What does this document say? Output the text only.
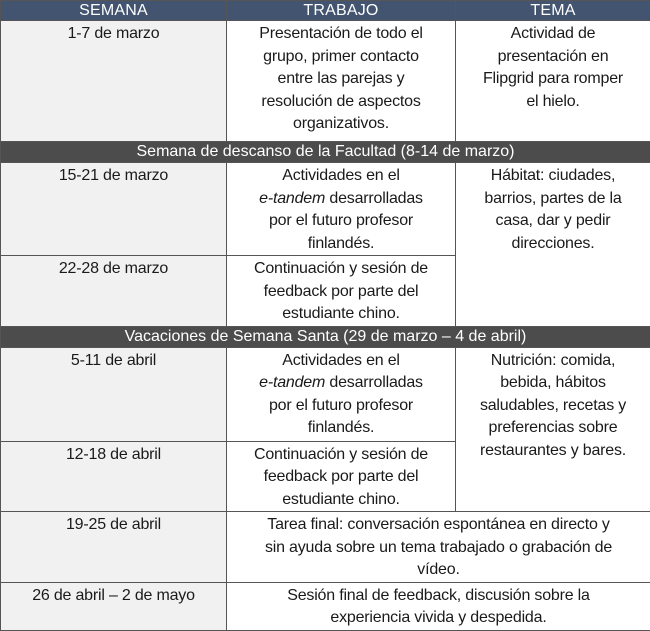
SEMANA	TRABAJO	TEMA

1-7 de marzo	Presentación de todo el
grupo, primer contacto
entre las parejas y
resolución de aspectos
organizativos.	Actividad de
presentación en
Flipgrid para romper
el hielo.

Semana de descanso de la Facultad (8-14 de marzo)		

15-21 de marzo	Actividades en el
e-tandem desarrolladas
por el futuro profesor
finlandés.	Hábitat: ciudades,
barrios, partes de la
casa, dar y pedir
direcciones.

22-28 de marzo	Continuación y sesión de
feedback por parte del
estudiante chino.	

Vacaciones de Semana Santa (29 de marzo – 4 de abril)		

5-11 de abril	Actividades en el
e-tandem desarrolladas
por el futuro profesor
finlandés.	Nutrición: comida,
bebida, hábitos
saludables, recetas y
preferencias sobre
restaurantes y bares.

12-18 de abril	Continuación y sesión de
feedback por parte del
estudiante chino.	

19-25 de abril	Tarea final: conversación espontánea en directo y
sin ayuda sobre un tema trabajado o grabación de
vídeo.	

26 de abril – 2 de mayo	Sesión final de feedback, discusión sobre la
experiencia vivida y despedida.	
